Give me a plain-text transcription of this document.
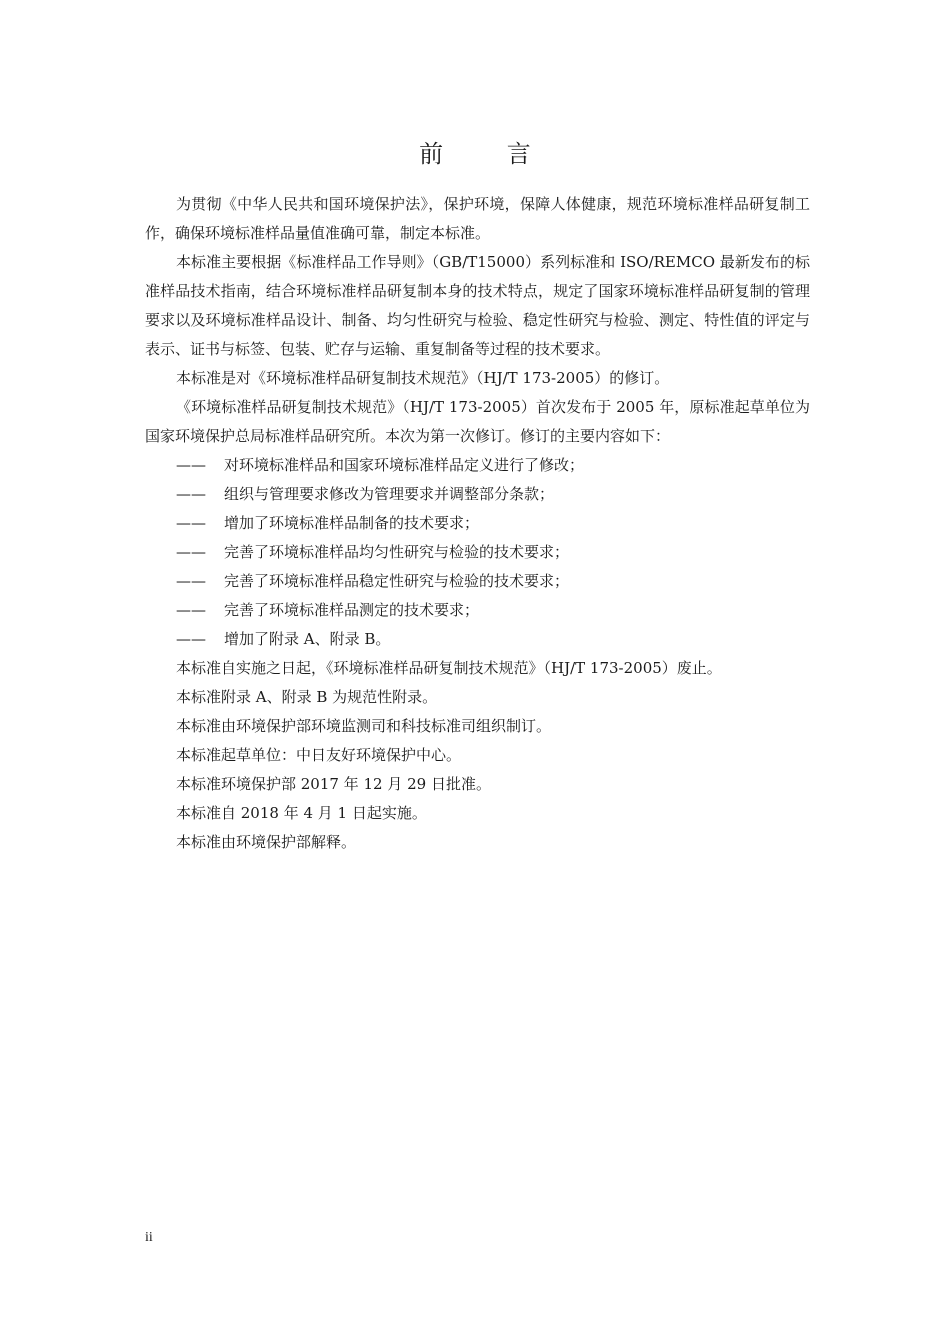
前 言

为贯彻《中华人民共和国环境保护法》，保护环境，保障人体健康，规范环境标准样品研复制工作，确保环境标准样品量值准确可靠，制定本标准。

本标准主要根据《标准样品工作导则》（GB/T15000）系列标准和 ISO/REMCO 最新发布的标准样品技术指南，结合环境标准样品研复制本身的技术特点，规定了国家环境标准样品研复制的管理要求以及环境标准样品设计、制备、均匀性研究与检验、稳定性研究与检验、测定、特性值的评定与表示、证书与标签、包装、贮存与运输、重复制备等过程的技术要求。

本标准是对《环境标准样品研复制技术规范》（HJ/T 173-2005）的修订。

《环境标准样品研复制技术规范》（HJ/T 173-2005）首次发布于 2005 年，原标准起草单位为国家环境保护总局标准样品研究所。本次为第一次修订。修订的主要内容如下：

—— 对环境标准样品和国家环境标准样品定义进行了修改；

—— 组织与管理要求修改为管理要求并调整部分条款；

—— 增加了环境标准样品制备的技术要求；

—— 完善了环境标准样品均匀性研究与检验的技术要求；

—— 完善了环境标准样品稳定性研究与检验的技术要求；

—— 完善了环境标准样品测定的技术要求；

—— 增加了附录 A、附录 B。

本标准自实施之日起，《环境标准样品研复制技术规范》（HJ/T 173-2005）废止。

本标准附录 A、附录 B 为规范性附录。

本标准由环境保护部环境监测司和科技标准司组织制订。

本标准起草单位：中日友好环境保护中心。

本标准环境保护部 2017 年 12 月 29 日批准。

本标准自 2018 年 4 月 1 日起实施。

本标准由环境保护部解释。

ii
